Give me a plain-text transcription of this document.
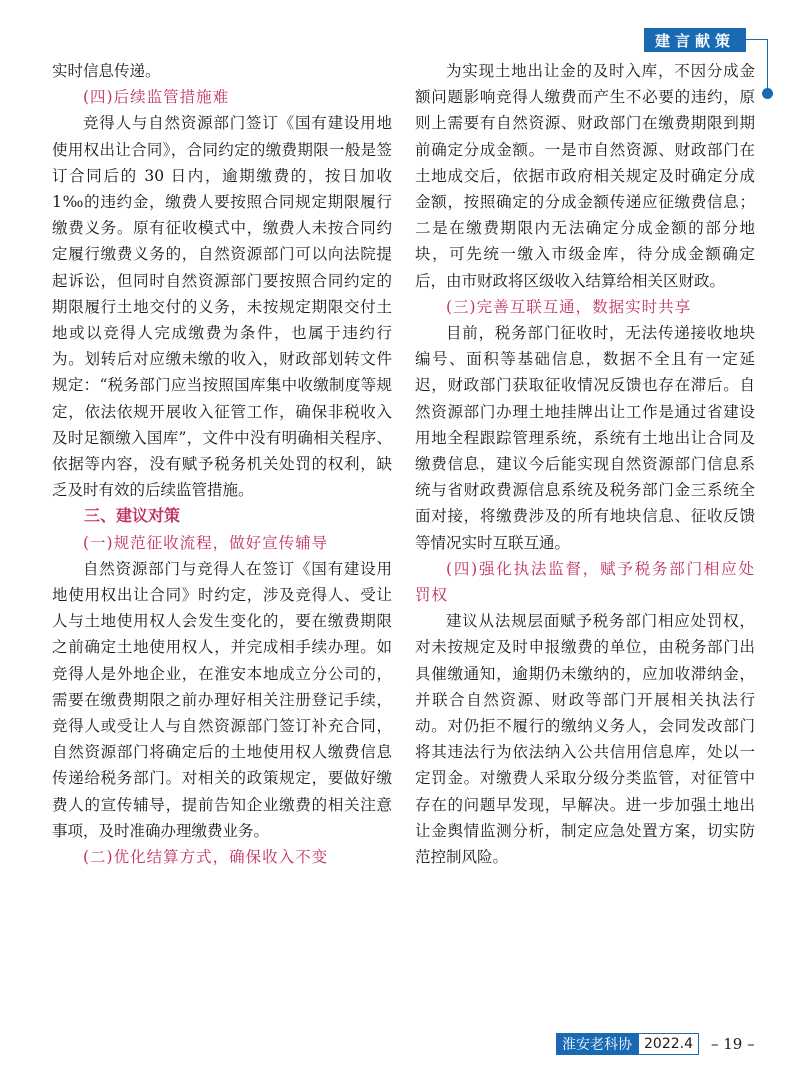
建言献策

实时信息传递。

(四)后续监管措施难

竞得人与自然资源部门签订《国有建设用地使用权出让合同》，合同约定的缴费期限一般是签订合同后的 30 日内，逾期缴费的，按日加收 1‰的违约金，缴费人要按照合同规定期限履行缴费义务。原有征收模式中，缴费人未按合同约定履行缴费义务的，自然资源部门可以向法院提起诉讼，但同时自然资源部门要按照合同约定的期限履行土地交付的义务，未按规定期限交付土地或以竞得人完成缴费为条件，也属于违约行为。划转后对应缴未缴的收入，财政部划转文件规定：“税务部门应当按照国库集中收缴制度等规定，依法依规开展收入征管工作，确保非税收入及时足额缴入国库”，文件中没有明确相关程序、依据等内容，没有赋予税务机关处罚的权利，缺乏及时有效的后续监管措施。

三、建议对策
(一)规范征收流程，做好宣传辅导

自然资源部门与竞得人在签订《国有建设用地使用权出让合同》时约定，涉及竞得人、受让人与土地使用权人会发生变化的，要在缴费期限之前确定土地使用权人，并完成相手续办理。如竞得人是外地企业，在淮安本地成立分公司的，需要在缴费期限之前办理好相关注册登记手续，竞得人或受让人与自然资源部门签订补充合同，自然资源部门将确定后的土地使用权人缴费信息传递给税务部门。对相关的政策规定，要做好缴费人的宣传辅导，提前告知企业缴费的相关注意事项，及时准确办理缴费业务。

(二)优化结算方式，确保收入不变

为实现土地出让金的及时入库，不因分成金额问题影响竞得人缴费而产生不必要的违约，原则上需要有自然资源、财政部门在缴费期限到期前确定分成金额。一是市自然资源、财政部门在土地成交后，依据市政府相关规定及时确定分成金额，按照确定的分成金额传递应征缴费信息；二是在缴费期限内无法确定分成金额的部分地块，可先统一缴入市级金库，待分成金额确定后，由市财政将区级收入结算给相关区财政。

(三)完善互联互通，数据实时共享

目前，税务部门征收时，无法传递接收地块编号、面积等基础信息，数据不全且有一定延迟，财政部门获取征收情况反馈也存在滞后。自然资源部门办理土地挂牌出让工作是通过省建设用地全程跟踪管理系统，系统有土地出让合同及缴费信息，建议今后能实现自然资源部门信息系统与省财政费源信息系统及税务部门金三系统全面对接，将缴费涉及的所有地块信息、征收反馈等情况实时互联互通。

(四)强化执法监督，赋予税务部门相应处罚权

建议从法规层面赋予税务部门相应处罚权，对未按规定及时申报缴费的单位，由税务部门出具催缴通知，逾期仍未缴纳的，应加收滞纳金，并联合自然资源、财政等部门开展相关执法行动。对仍拒不履行的缴纳义务人，会同发改部门将其违法行为依法纳入公共信用信息库，处以一定罚金。对缴费人采取分级分类监管，对征管中存在的问题早发现，早解决。进一步加强土地出让金舆情监测分析，制定应急处置方案，切实防范控制风险。

淮安老科协 2022.4	– 19 –
